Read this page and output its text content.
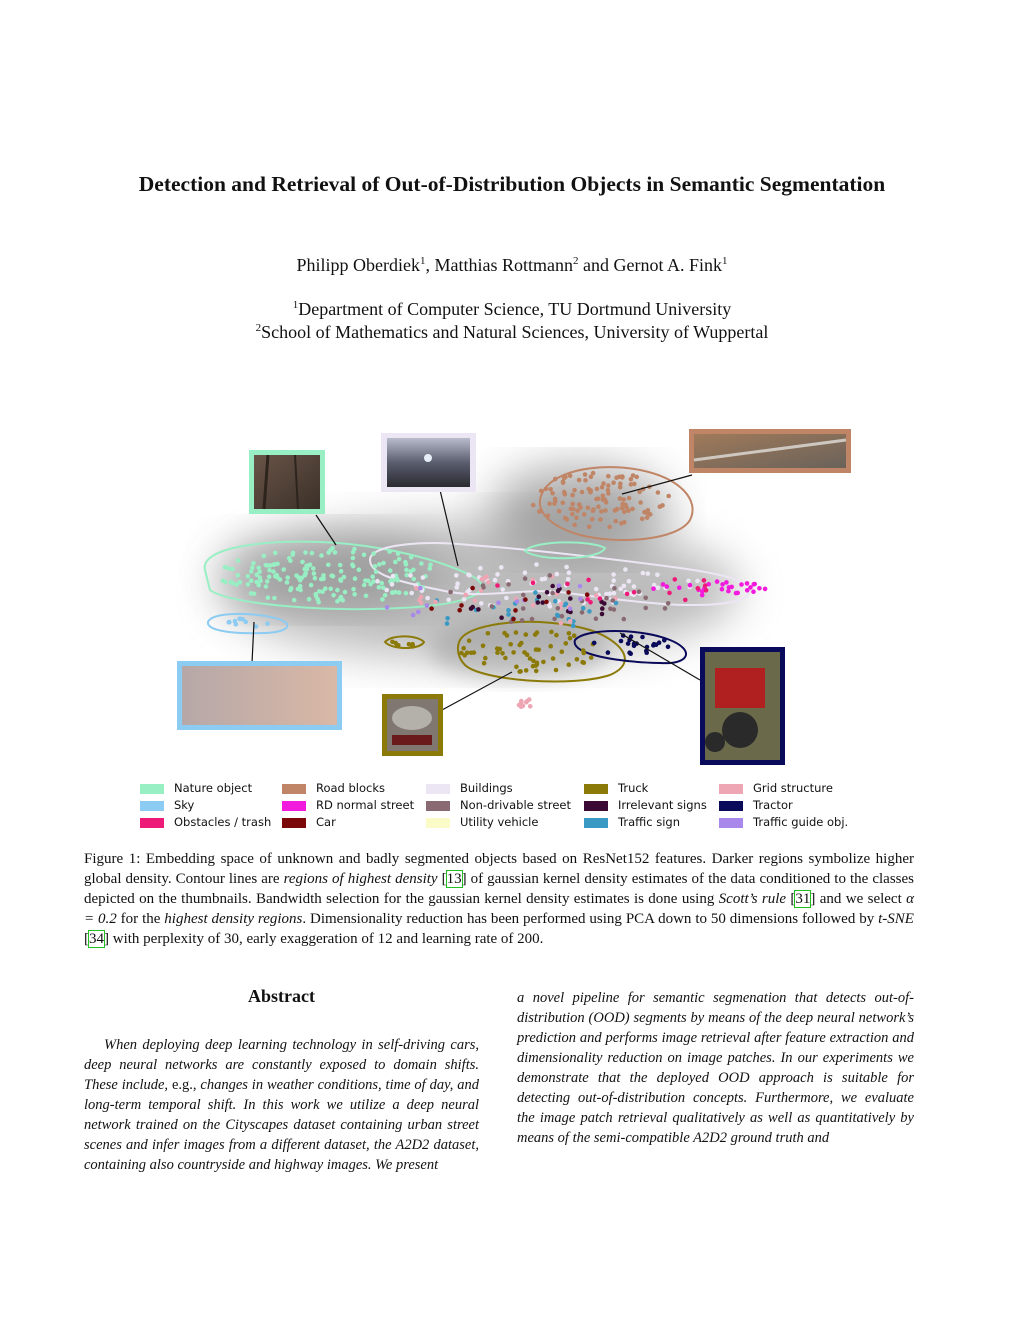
Detection and Retrieval of Out-of-Distribution Objects in Semantic Segmentation
Philipp Oberdiek$^1$, Matthias Rottmann$^2$ and Gernot A. Fink$^1$
$^1$Department of Computer Science, TU Dortmund University
$^2$School of Mathematics and Natural Sciences, University of Wuppertal
Nature object
Sky
Obstacles / trash
Road blocks
RD normal street
Car
Buildings
Non-drivable street
Utility vehicle
Truck
Irrelevant signs
Traffic sign
Grid structure
Tractor
Traffic guide obj.
Figure 1: Embedding space of unknown and badly segmented objects based on ResNet152 features. Darker regions symbolize higher global density. Contour lines are regions of highest density [13] of gaussian kernel density estimates of the data conditioned to the classes depicted on the thumbnails. Bandwidth selection for the gaussian kernel density estimates is done using Scott’s rule [31] and we select α = 0.2 for the highest density regions. Dimensionality reduction has been performed using PCA down to 50 dimensions followed by t-SNE [34] with perplexity of 30, early exaggeration of 12 and learning rate of 200.
Abstract
When deploying deep learning technology in self-driving cars, deep neural networks are constantly exposed to domain shifts. These include, e.g., changes in weather conditions, time of day, and long-term temporal shift. In this work we utilize a deep neural network trained on the Cityscapes dataset containing urban street scenes and infer images from a different dataset, the A2D2 dataset, containing also countryside and highway images. We present
a novel pipeline for semantic segmenation that detects out-of-distribution (OOD) segments by means of the deep neural network’s prediction and performs image retrieval after feature extraction and dimensionality reduction on image patches. In our experiments we demonstrate that the deployed OOD approach is suitable for detecting out-of-distribution concepts. Furthermore, we evaluate the image patch retrieval qualitatively as well as quantitatively by means of the semi-compatible A2D2 ground truth and
